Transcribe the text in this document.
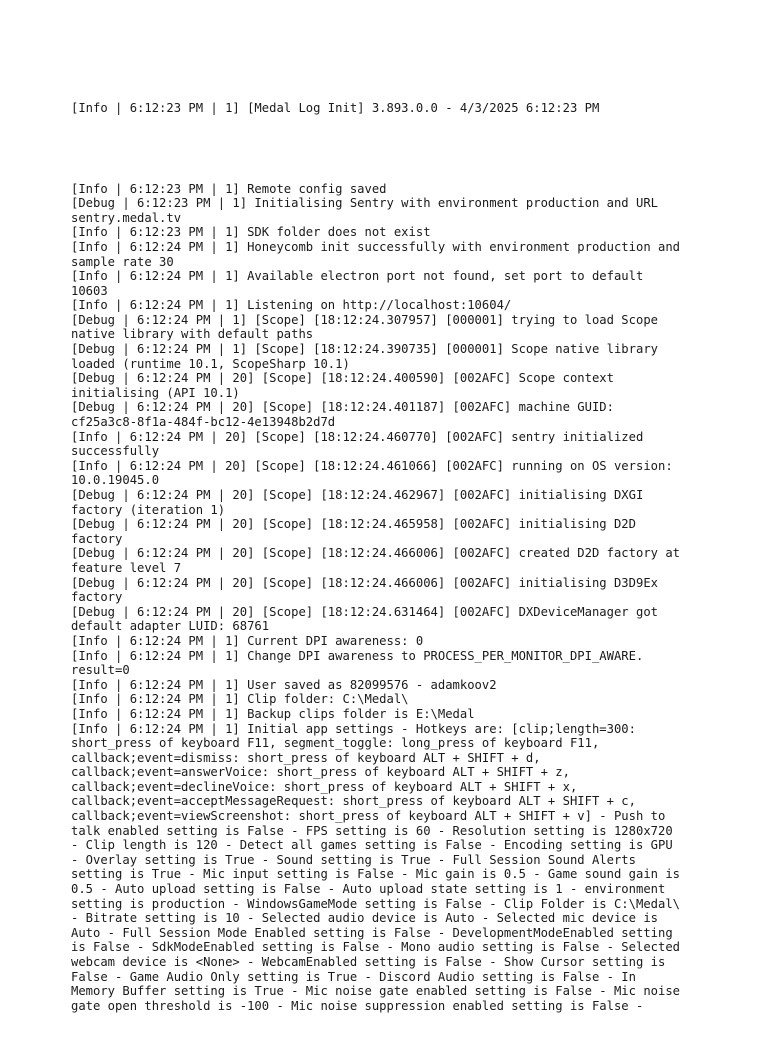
[Info | 6:12:23 PM | 1] [Medal Log Init] 3.893.0.0 - 4/3/2025 6:12:23 PM

[Info | 6:12:23 PM | 1] Remote config saved
[Debug | 6:12:23 PM | 1] Initialising Sentry with environment production and URL
sentry.medal.tv
[Info | 6:12:23 PM | 1] SDK folder does not exist
[Info | 6:12:24 PM | 1] Honeycomb init successfully with environment production and
sample rate 30
[Info | 6:12:24 PM | 1] Available electron port not found, set port to default
10603
[Info | 6:12:24 PM | 1] Listening on http://localhost:10604/
[Debug | 6:12:24 PM | 1] [Scope] [18:12:24.307957] [000001] trying to load Scope
native library with default paths
[Debug | 6:12:24 PM | 1] [Scope] [18:12:24.390735] [000001] Scope native library
loaded (runtime 10.1, ScopeSharp 10.1)
[Debug | 6:12:24 PM | 20] [Scope] [18:12:24.400590] [002AFC] Scope context
initialising (API 10.1)
[Debug | 6:12:24 PM | 20] [Scope] [18:12:24.401187] [002AFC] machine GUID:
cf25a3c8-8f1a-484f-bc12-4e13948b2d7d
[Info | 6:12:24 PM | 20] [Scope] [18:12:24.460770] [002AFC] sentry initialized
successfully
[Info | 6:12:24 PM | 20] [Scope] [18:12:24.461066] [002AFC] running on OS version:
10.0.19045.0
[Debug | 6:12:24 PM | 20] [Scope] [18:12:24.462967] [002AFC] initialising DXGI
factory (iteration 1)
[Debug | 6:12:24 PM | 20] [Scope] [18:12:24.465958] [002AFC] initialising D2D
factory
[Debug | 6:12:24 PM | 20] [Scope] [18:12:24.466006] [002AFC] created D2D factory at
feature level 7
[Debug | 6:12:24 PM | 20] [Scope] [18:12:24.466006] [002AFC] initialising D3D9Ex
factory
[Debug | 6:12:24 PM | 20] [Scope] [18:12:24.631464] [002AFC] DXDeviceManager got
default adapter LUID: 68761
[Info | 6:12:24 PM | 1] Current DPI awareness: 0
[Info | 6:12:24 PM | 1] Change DPI awareness to PROCESS_PER_MONITOR_DPI_AWARE.
result=0
[Info | 6:12:24 PM | 1] User saved as 82099576 - adamkoov2
[Info | 6:12:24 PM | 1] Clip folder: C:\Medal\
[Info | 6:12:24 PM | 1] Backup clips folder is E:\Medal
[Info | 6:12:24 PM | 1] Initial app settings - Hotkeys are: [clip;length=300:
short_press of keyboard F11, segment_toggle: long_press of keyboard F11,
callback;event=dismiss: short_press of keyboard ALT + SHIFT + d,
callback;event=answerVoice: short_press of keyboard ALT + SHIFT + z,
callback;event=declineVoice: short_press of keyboard ALT + SHIFT + x,
callback;event=acceptMessageRequest: short_press of keyboard ALT + SHIFT + c,
callback;event=viewScreenshot: short_press of keyboard ALT + SHIFT + v] - Push to
talk enabled setting is False - FPS setting is 60 - Resolution setting is 1280x720
- Clip length is 120 - Detect all games setting is False - Encoding setting is GPU
- Overlay setting is True - Sound setting is True - Full Session Sound Alerts
setting is True - Mic input setting is False - Mic gain is 0.5 - Game sound gain is
0.5 - Auto upload setting is False - Auto upload state setting is 1 - environment
setting is production - WindowsGameMode setting is False - Clip Folder is C:\Medal\
- Bitrate setting is 10 - Selected audio device is Auto - Selected mic device is
Auto - Full Session Mode Enabled setting is False - DevelopmentModeEnabled setting
is False - SdkModeEnabled setting is False - Mono audio setting is False - Selected
webcam device is <None> - WebcamEnabled setting is False - Show Cursor setting is
False - Game Audio Only setting is True - Discord Audio setting is False - In
Memory Buffer setting is True - Mic noise gate enabled setting is False - Mic noise
gate open threshold is -100 - Mic noise suppression enabled setting is False -
